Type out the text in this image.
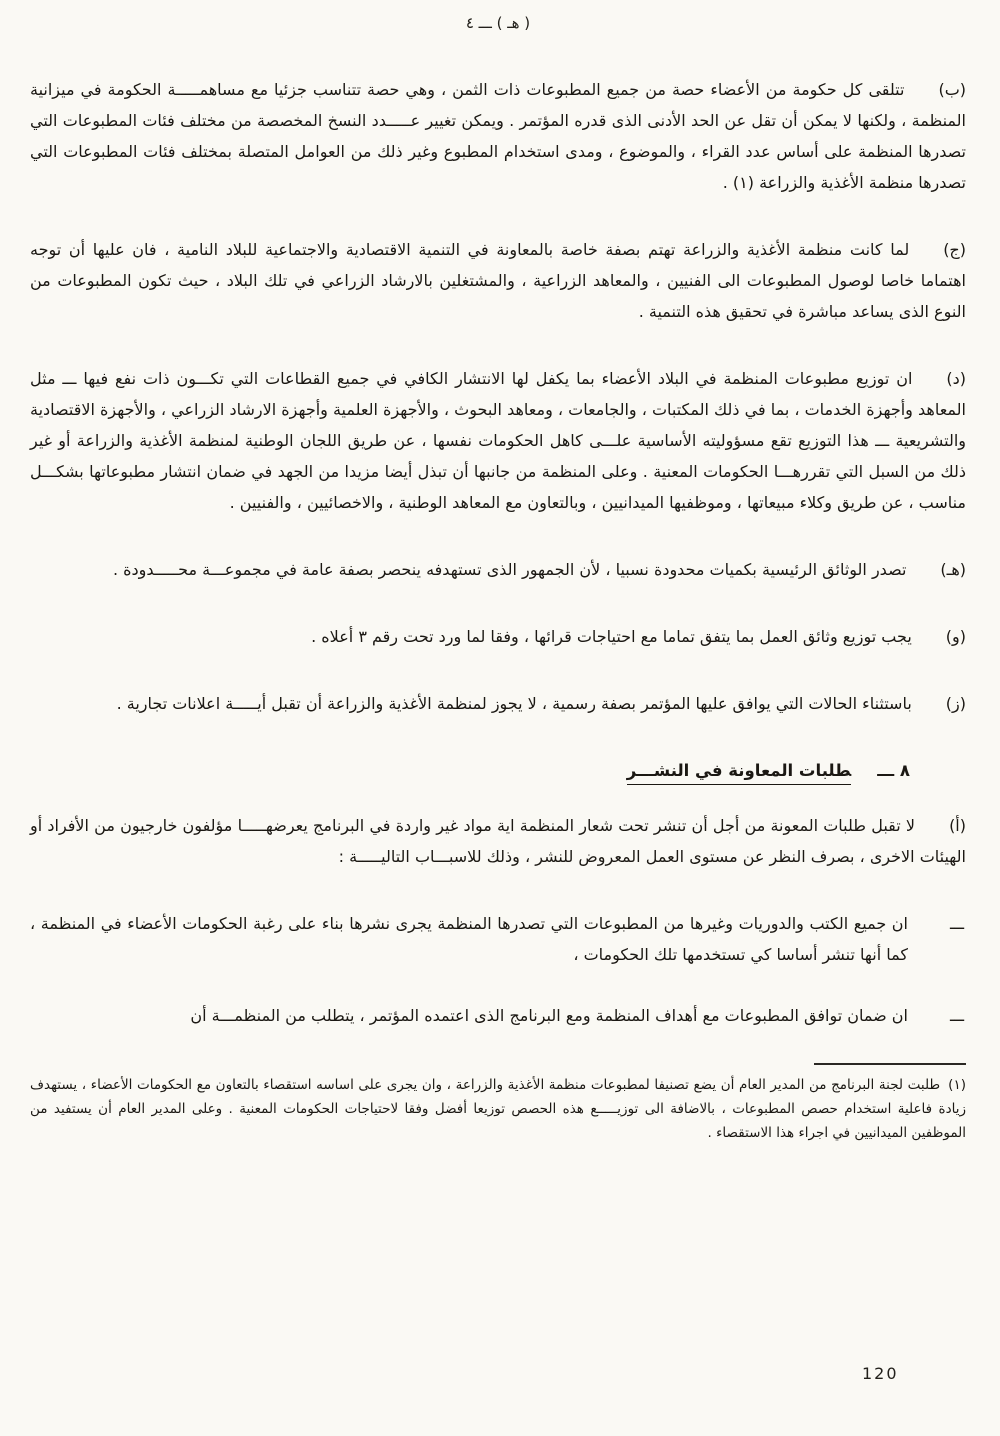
( هـ ) ـــ ٤

(ب)تتلقى كل حكومة من الأعضاء حصة من جميع المطبوعات ذات الثمن ، وهي حصة تتناسب جزئيا مع مساهمـــــة الحكومة في ميزانية المنظمة ، ولكنها لا يمكن أن تقل عن الحد الأدنى الذى قدره المؤتمر . ويمكن تغيير عـــــدد النسخ المخصصة من مختلف فئات المطبوعات التي تصدرها المنظمة على أساس عدد القراء ، والموضوع ، ومدى استخدام المطبوع وغير ذلك من العوامل المتصلة بمختلف فئات المطبوعات التي تصدرها منظمة الأغذية والزراعة (١) .

(ج)لما كانت منظمة الأغذية والزراعة تهتم بصفة خاصة بالمعاونة في التنمية الاقتصادية والاجتماعية للبلاد النامية ، فان عليها أن توجه اهتماما خاصا لوصول المطبوعات الى الفنيين ، والمعاهد الزراعية ، والمشتغلين بالارشاد الزراعي في تلك البلاد ، حيث تكون المطبوعات من النوع الذى يساعد مباشرة في تحقيق هذه التنمية .

(د)ان توزيع مطبوعات المنظمة في البلاد الأعضاء بما يكفل لها الانتشار الكافي في جميع القطاعات التي تكـــون ذات نفع فيها ـــ مثل المعاهد وأجهزة الخدمات ، بما في ذلك المكتبات ، والجامعات ، ومعاهد البحوث ، والأجهزة العلمية وأجهزة الارشاد الزراعي ، والأجهزة الاقتصادية والتشريعية ـــ هذا التوزيع تقع مسؤوليته الأساسية علـــى كاهل الحكومات نفسها ، عن طريق اللجان الوطنية لمنظمة الأغذية والزراعة أو غير ذلك من السبل التي تقررهـــا الحكومات المعنية . وعلى المنظمة من جانبها أن تبذل أيضا مزيدا من الجهد في ضمان انتشار مطبوعاتها بشكـــل مناسب ، عن طريق وكلاء مبيعاتها ، وموظفيها الميدانيين ، وبالتعاون مع المعاهد الوطنية ، والاخصائيين ، والفنيين .

(هـ)تصدر الوثائق الرئيسية بكميات محدودة نسبيا ، لأن الجمهور الذى تستهدفه ينحصر بصفة عامة في مجموعـــة محـــــدودة .

(و)يجب توزيع وثائق العمل بما يتفق تماما مع احتياجات قرائها ، وفقا لما ورد تحت رقم ٣ أعلاه .

(ز)باستثناء الحالات التي يوافق عليها المؤتمر بصفة رسمية ، لا يجوز لمنظمة الأغذية والزراعة أن تقبل أيـــــة اعلانات تجارية .

٨ ـــطلبات المعاونة في النشـــر

(أ)لا تقبل طلبات المعونة من أجل أن تنشر تحت شعار المنظمة اية مواد غير واردة في البرنامج يعرضهـــــا مؤلفون خارجيون من الأفراد أو الهيئات الاخرى ، بصرف النظر عن مستوى العمل المعروض للنشر ، وذلك للاسبـــاب التاليـــــة :

ـــ
ان جميع الكتب والدوريات وغيرها من المطبوعات التي تصدرها المنظمة يجرى نشرها بناء على رغبة الحكومات الأعضاء في المنظمة ، كما أنها تنشر أساسا كي تستخدمها تلك الحكومات ،
ـــ
ان ضمان توافق المطبوعات مع أهداف المنظمة ومع البرنامج الذى اعتمده المؤتمر ، يتطلب من المنظمـــة أن

(١)طلبت لجنة البرنامج من المدير العام أن يضع تصنيفا لمطبوعات منظمة الأغذية والزراعة ، وان يجرى على اساسه استقصاء بالتعاون مع الحكومات الأعضاء ، يستهدف زيادة فاعلية استخدام حصص المطبوعات ، بالاضافة الى توزيـــــع هذه الحصص توزيعا أفضل وفقا لاحتياجات الحكومات المعنية . وعلى المدير العام أن يستفيد من الموظفين الميدانيين في اجراء هذا الاستقصاء .

120
